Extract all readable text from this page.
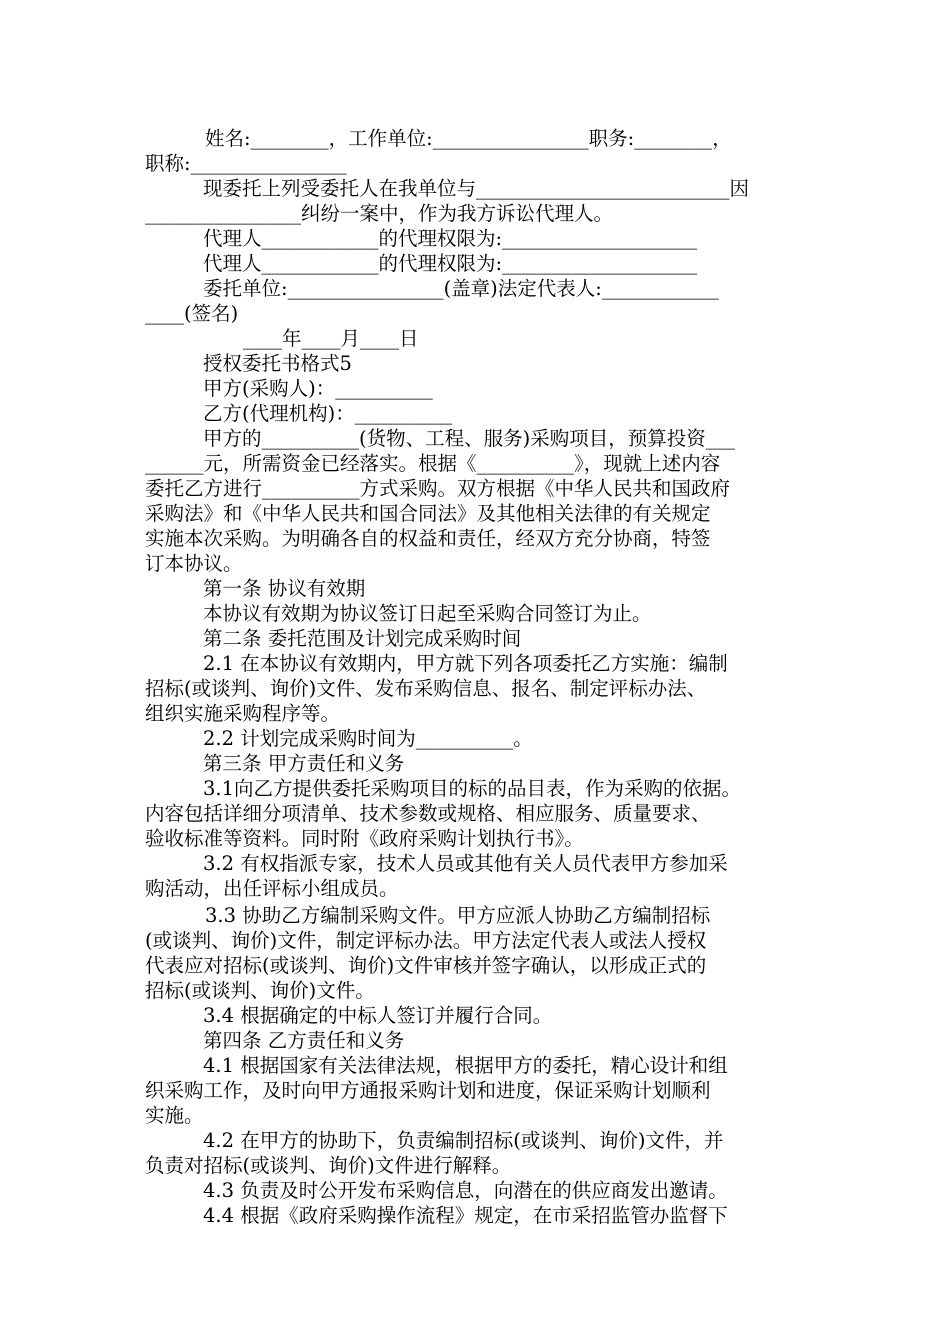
姓名:________，工作单位:________________职务:________，
职称:________________
现委托上列受委托人在我单位与__________________________因
________________纠纷一案中，作为我方诉讼代理人。
代理人____________的代理权限为:____________________
代理人____________的代理权限为:____________________
委托单位:________________(盖章)法定代表人:____________
____(签名)
____年____月____日
授权委托书格式5
甲方(采购人)：__________
乙方(代理机构)：__________
甲方的__________(货物、工程、服务)采购项目，预算投资___
______元，所需资金已经落实。根据《__________》，现就上述内容
委托乙方进行__________方式采购。双方根据《中华人民共和国政府
采购法》和《中华人民共和国合同法》及其他相关法律的有关规定
实施本次采购。为明确各自的权益和责任，经双方充分协商，特签
订本协议。
第一条 协议有效期
本协议有效期为协议签订日起至采购合同签订为止。
第二条 委托范围及计划完成采购时间
2.1 在本协议有效期内，甲方就下列各项委托乙方实施：编制
招标(或谈判、询价)文件、发布采购信息、报名、制定评标办法、
组织实施采购程序等。
2.2 计划完成采购时间为__________。
第三条 甲方责任和义务
3.1向乙方提供委托采购项目的标的品目表，作为采购的依据。
内容包括详细分项清单、技术参数或规格、相应服务、质量要求、
验收标准等资料。同时附《政府采购计划执行书》。
3.2 有权指派专家，技术人员或其他有关人员代表甲方参加采
购活动，出任评标小组成员。
3.3 协助乙方编制采购文件。甲方应派人协助乙方编制招标
(或谈判、询价)文件，制定评标办法。甲方法定代表人或法人授权
代表应对招标(或谈判、询价)文件审核并签字确认，以形成正式的
招标(或谈判、询价)文件。
3.4 根据确定的中标人签订并履行合同。
第四条 乙方责任和义务
4.1 根据国家有关法律法规，根据甲方的委托，精心设计和组
织采购工作，及时向甲方通报采购计划和进度，保证采购计划顺利
实施。
4.2 在甲方的协助下，负责编制招标(或谈判、询价)文件，并
负责对招标(或谈判、询价)文件进行解释。
4.3 负责及时公开发布采购信息，向潜在的供应商发出邀请。
4.4 根据《政府采购操作流程》规定，在市采招监管办监督下
